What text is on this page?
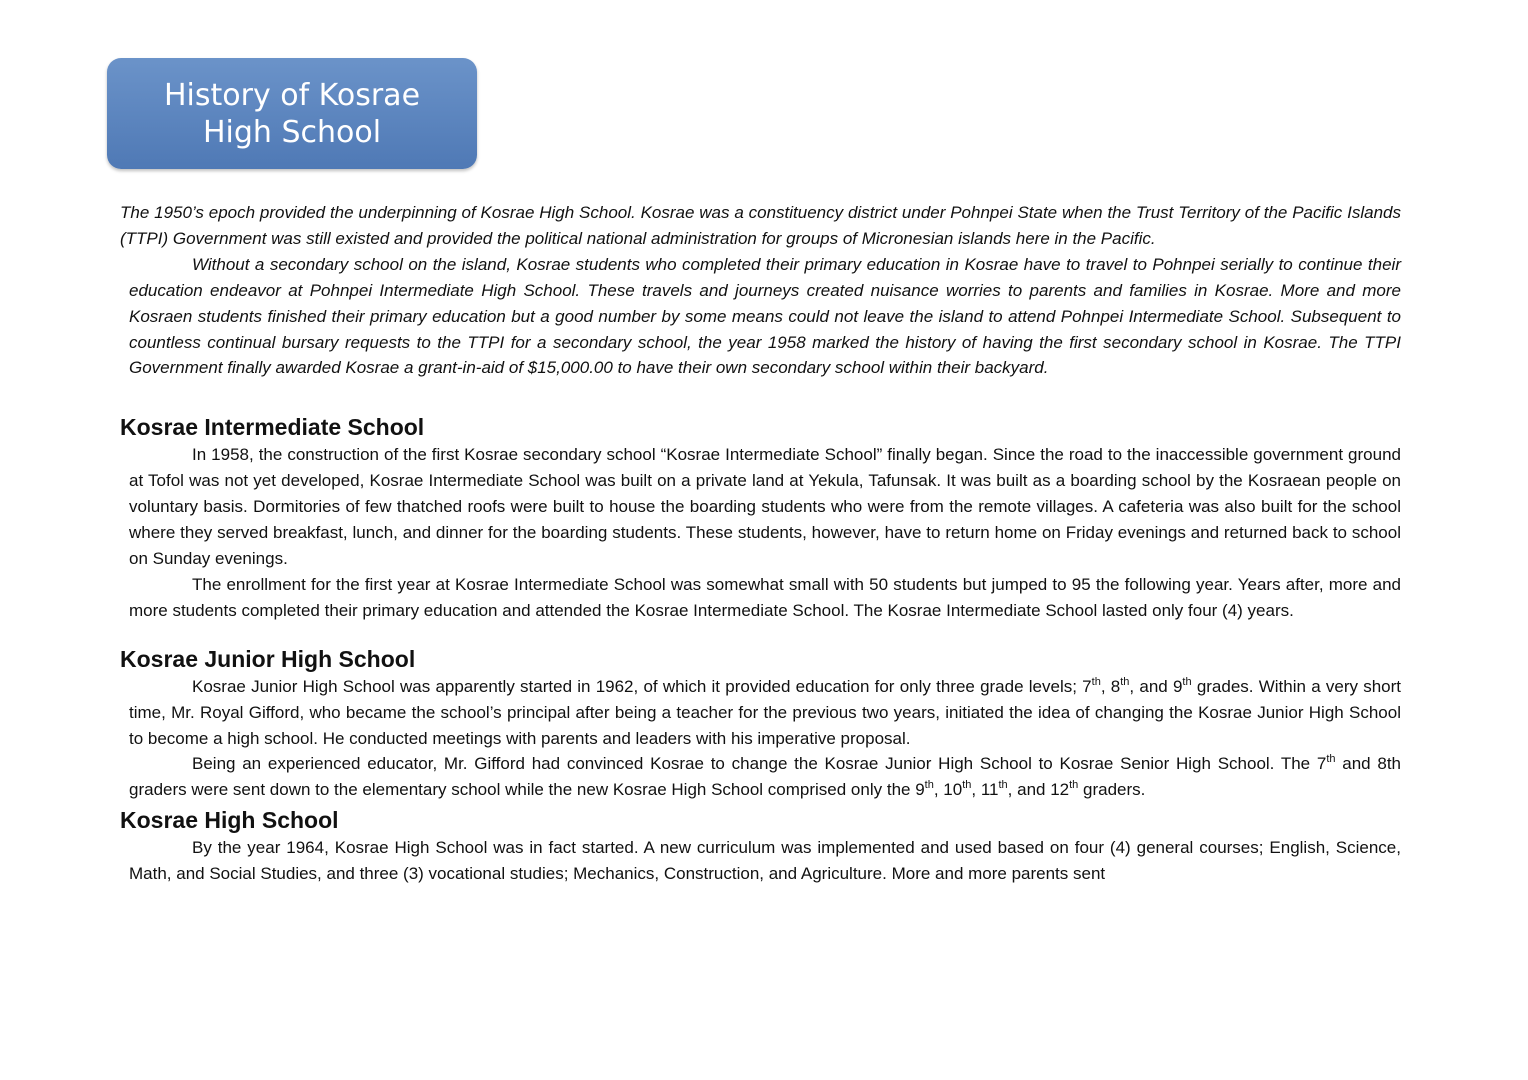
History of Kosrae
High School

The 1950’s epoch provided the underpinning of Kosrae High School. Kosrae was a constituency district under Pohnpei State when the Trust Territory of the Pacific Islands (TTPI) Government was still existed and provided the political national administration for groups of Micronesian islands here in the Pacific.

Without a secondary school on the island, Kosrae students who completed their primary education in Kosrae have to travel to Pohnpei serially to continue their education endeavor at Pohnpei Intermediate High School. These travels and journeys created nuisance worries to parents and families in Kosrae. More and more Kosraen students finished their primary education but a good number by some means could not leave the island to attend Pohnpei Intermediate School. Subsequent to countless continual bursary requests to the TTPI for a secondary school, the year 1958 marked the history of having the first secondary school in Kosrae. The TTPI Government finally awarded Kosrae a grant-in-aid of $15,000.00 to have their own secondary school within their backyard.

Kosrae Intermediate School

In 1958, the construction of the first Kosrae secondary school “Kosrae Intermediate School” finally began. Since the road to the inaccessible government ground at Tofol was not yet developed, Kosrae Intermediate School was built on a private land at Yekula, Tafunsak. It was built as a boarding school by the Kosraean people on voluntary basis. Dormitories of few thatched roofs were built to house the boarding students who were from the remote villages. A cafeteria was also built for the school where they served breakfast, lunch, and dinner for the boarding students. These students, however, have to return home on Friday evenings and returned back to school on Sunday evenings.

The enrollment for the first year at Kosrae Intermediate School was somewhat small with 50 students but jumped to 95 the following year. Years after, more and more students completed their primary education and attended the Kosrae Intermediate School. The Kosrae Intermediate School lasted only four (4) years.

Kosrae Junior High School

Kosrae Junior High School was apparently started in 1962, of which it provided education for only three grade levels; 7th, 8th, and 9th grades. Within a very short time, Mr. Royal Gifford, who became the school’s principal after being a teacher for the previous two years, initiated the idea of changing the Kosrae Junior High School to become a high school. He conducted meetings with parents and leaders with his imperative proposal.

Being an experienced educator, Mr. Gifford had convinced Kosrae to change the Kosrae Junior High School to Kosrae Senior High School. The 7th and 8th graders were sent down to the elementary school while the new Kosrae High School comprised only the 9th, 10th, 11th, and 12th graders.

Kosrae High School

By the year 1964, Kosrae High School was in fact started. A new curriculum was implemented and used based on four (4) general courses; English, Science, Math, and Social Studies, and three (3) vocational studies; Mechanics, Construction, and Agriculture. More and more parents sent
